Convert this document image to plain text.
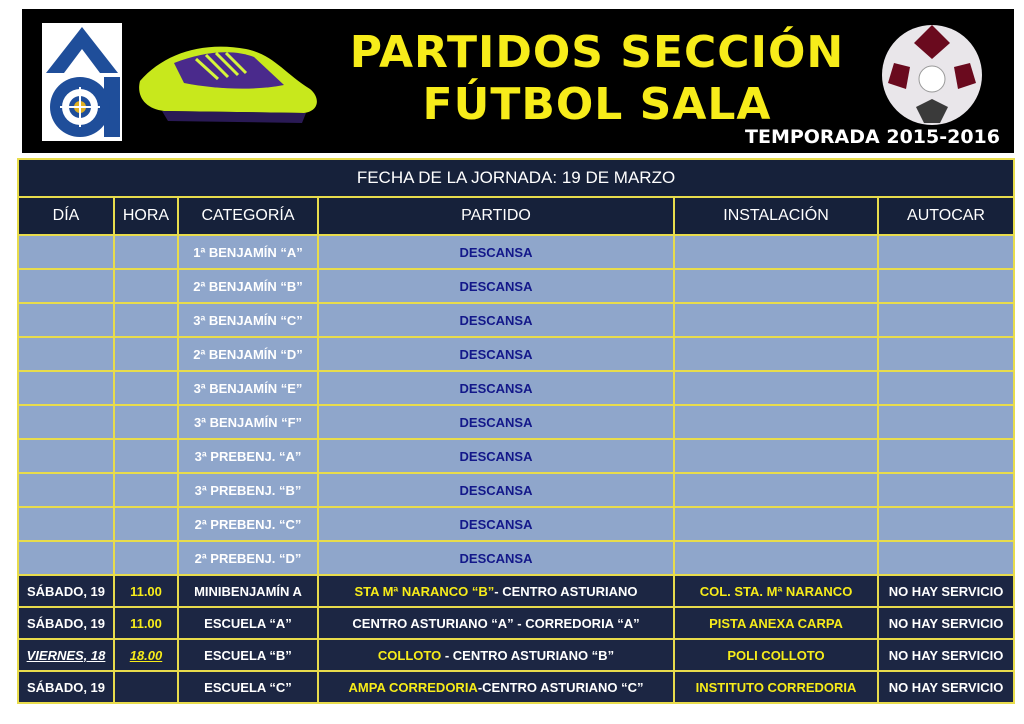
PARTIDOS SECCIÓN
FÚTBOL SALA
TEMPORADA 2015-2016
FECHA DE LA JORNADA: 19 DE MARZO					
DÍA	HORA	CATEGORÍA	PARTIDO	INSTALACIÓN	AUTOCAR
		1ª BENJAMÍN “A”	DESCANSA		
		2ª BENJAMÍN “B”	DESCANSA		
		3ª BENJAMÍN “C”	DESCANSA		
		2ª BENJAMÍN “D”	DESCANSA		
		3ª BENJAMÍN “E”	DESCANSA		
		3ª BENJAMÍN “F”	DESCANSA		
		3ª PREBENJ. “A”	DESCANSA		
		3ª PREBENJ. “B”	DESCANSA		
		2ª PREBENJ. “C”	DESCANSA		
		2ª PREBENJ. “D”	DESCANSA		
SÁBADO, 19	11.00	MINIBENJAMÍN A	STA Mª NARANCO “B”- CENTRO ASTURIANO	COL. STA. Mª NARANCO	NO HAY SERVICIO
SÁBADO, 19	11.00	ESCUELA “A”	CENTRO ASTURIANO “A” - CORREDORIA “A”	PISTA ANEXA CARPA	NO HAY SERVICIO
VIERNES, 18	18.00	ESCUELA “B”	COLLOTO - CENTRO ASTURIANO “B”	POLI COLLOTO	NO HAY SERVICIO
SÁBADO, 19		ESCUELA “C”	AMPA CORREDORIA-CENTRO ASTURIANO “C”	INSTITUTO CORREDORIA	NO HAY SERVICIO
